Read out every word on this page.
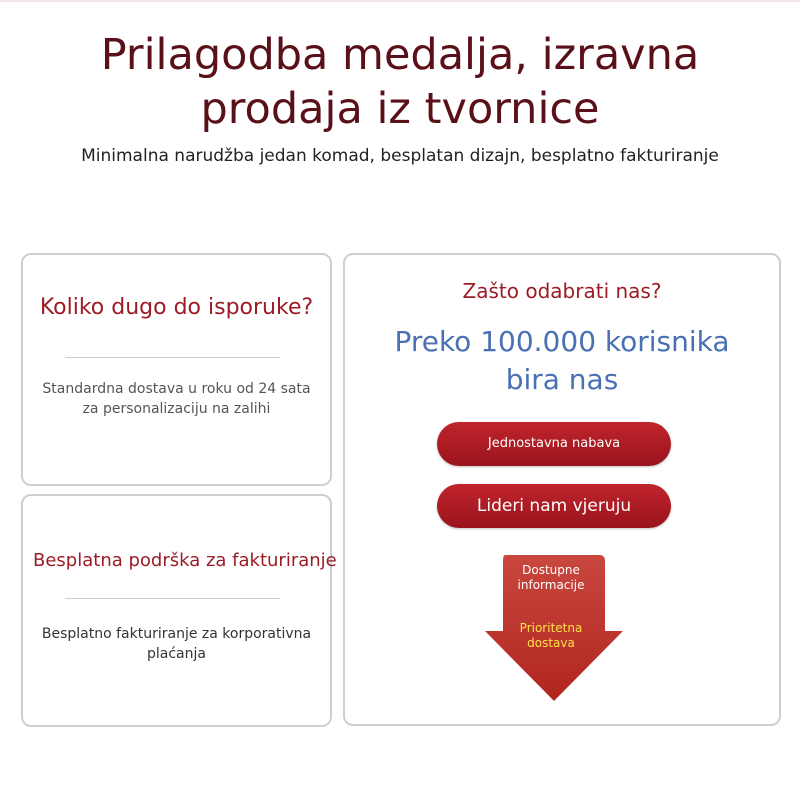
Prilagodba medalja, izravna prodaja iz tvornice
Minimalna narudžba jedan komad, besplatan dizajn, besplatno fakturiranje
Koliko dugo do isporuke?
Standardna dostava u roku od 24 sata za personalizaciju na zalihi
Besplatna podrška za fakturiranje
Besplatno fakturiranje za korporativna plaćanja
Zašto odabrati nas?
Preko 100.000 korisnika bira nas
Jednostavna nabava
Lideri nam vjeruju
Dostupne informacije
Prioritetna dostava
